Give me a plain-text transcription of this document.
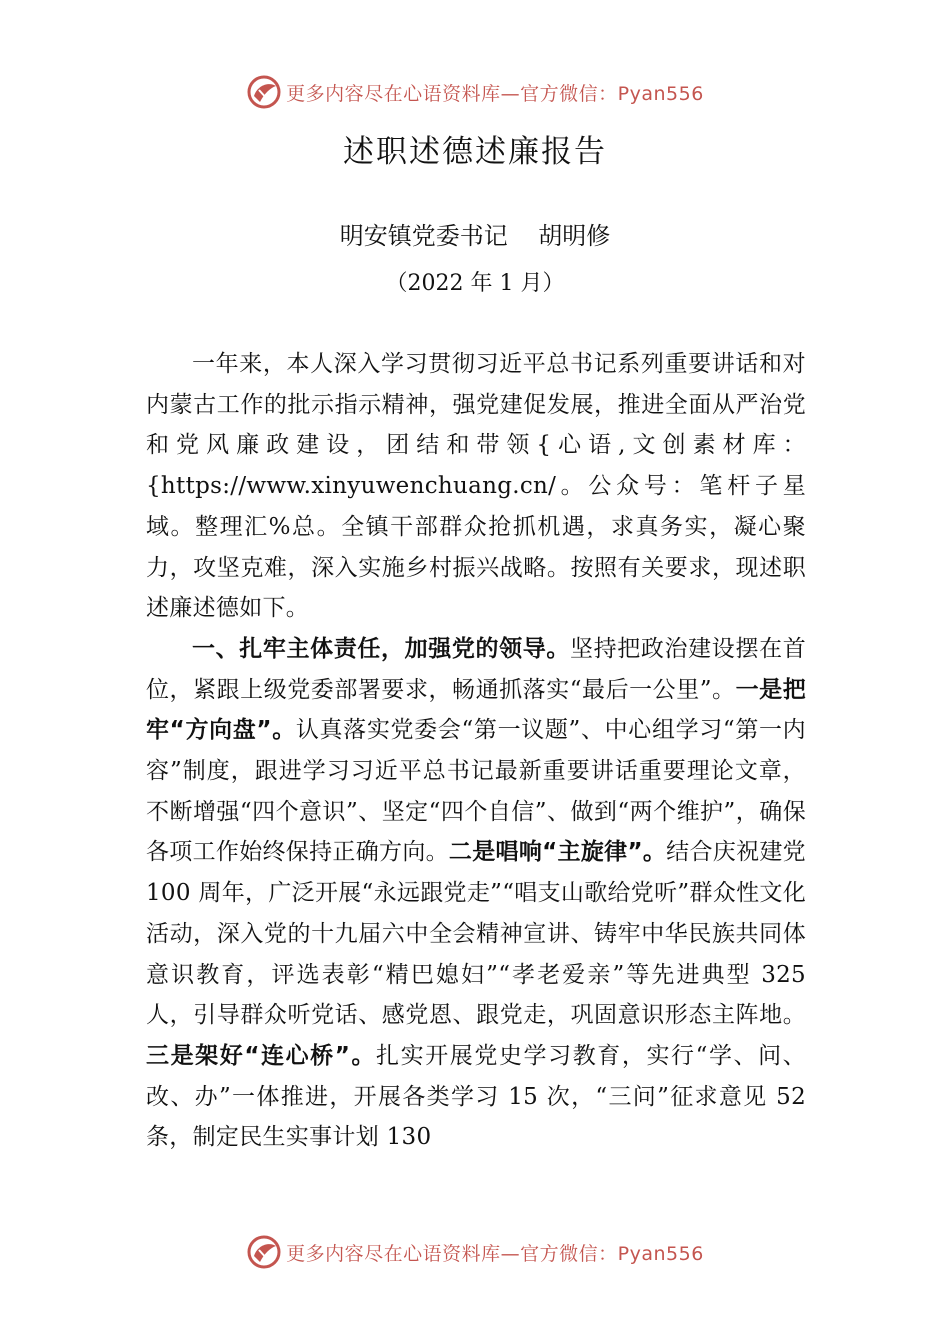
更多内容尽在心语资料库—官方微信：Pyan556
述职述德述廉报告
明安镇党委书记    胡明修
（2022 年 1 月）

一年来，本人深入学习贯彻习近平总书记系列重要讲话和对内蒙古工作的批示指示精神，强党建促发展，推进全面从严治党和党风廉政建设，团结和带领{心语,文创素材库：{https://www.xinyuwenchuang.cn/。公众号：笔杆子星域。整理汇%总。全镇干部群众抢抓机遇，求真务实，凝心聚力，攻坚克难，深入实施乡村振兴战略。按照有关要求，现述职述廉述德如下。

一、扎牢主体责任，加强党的领导。坚持把政治建设摆在首位，紧跟上级党委部署要求，畅通抓落实“最后一公里”。一是把牢“方向盘”。认真落实党委会“第一议题”、中心组学习“第一内容”制度，跟进学习习近平总书记最新重要讲话重要理论文章，不断增强“四个意识”、坚定“四个自信”、做到“两个维护”，确保各项工作始终保持正确方向。二是唱响“主旋律”。结合庆祝建党 100 周年，广泛开展“永远跟党走”“唱支山歌给党听”群众性文化活动，深入党的十九届六中全会精神宣讲、铸牢中华民族共同体意识教育，评选表彰“精巴媳妇”“孝老爱亲”等先进典型 325 人，引导群众听党话、感党恩、跟党走，巩固意识形态主阵地。三是架好“连心桥”。扎实开展党史学习教育，实行“学、问、改、办”一体推进，开展各类学习 15 次，“三问”征求意见 52 条，制定民生实事计划 130

更多内容尽在心语资料库—官方微信：Pyan556
